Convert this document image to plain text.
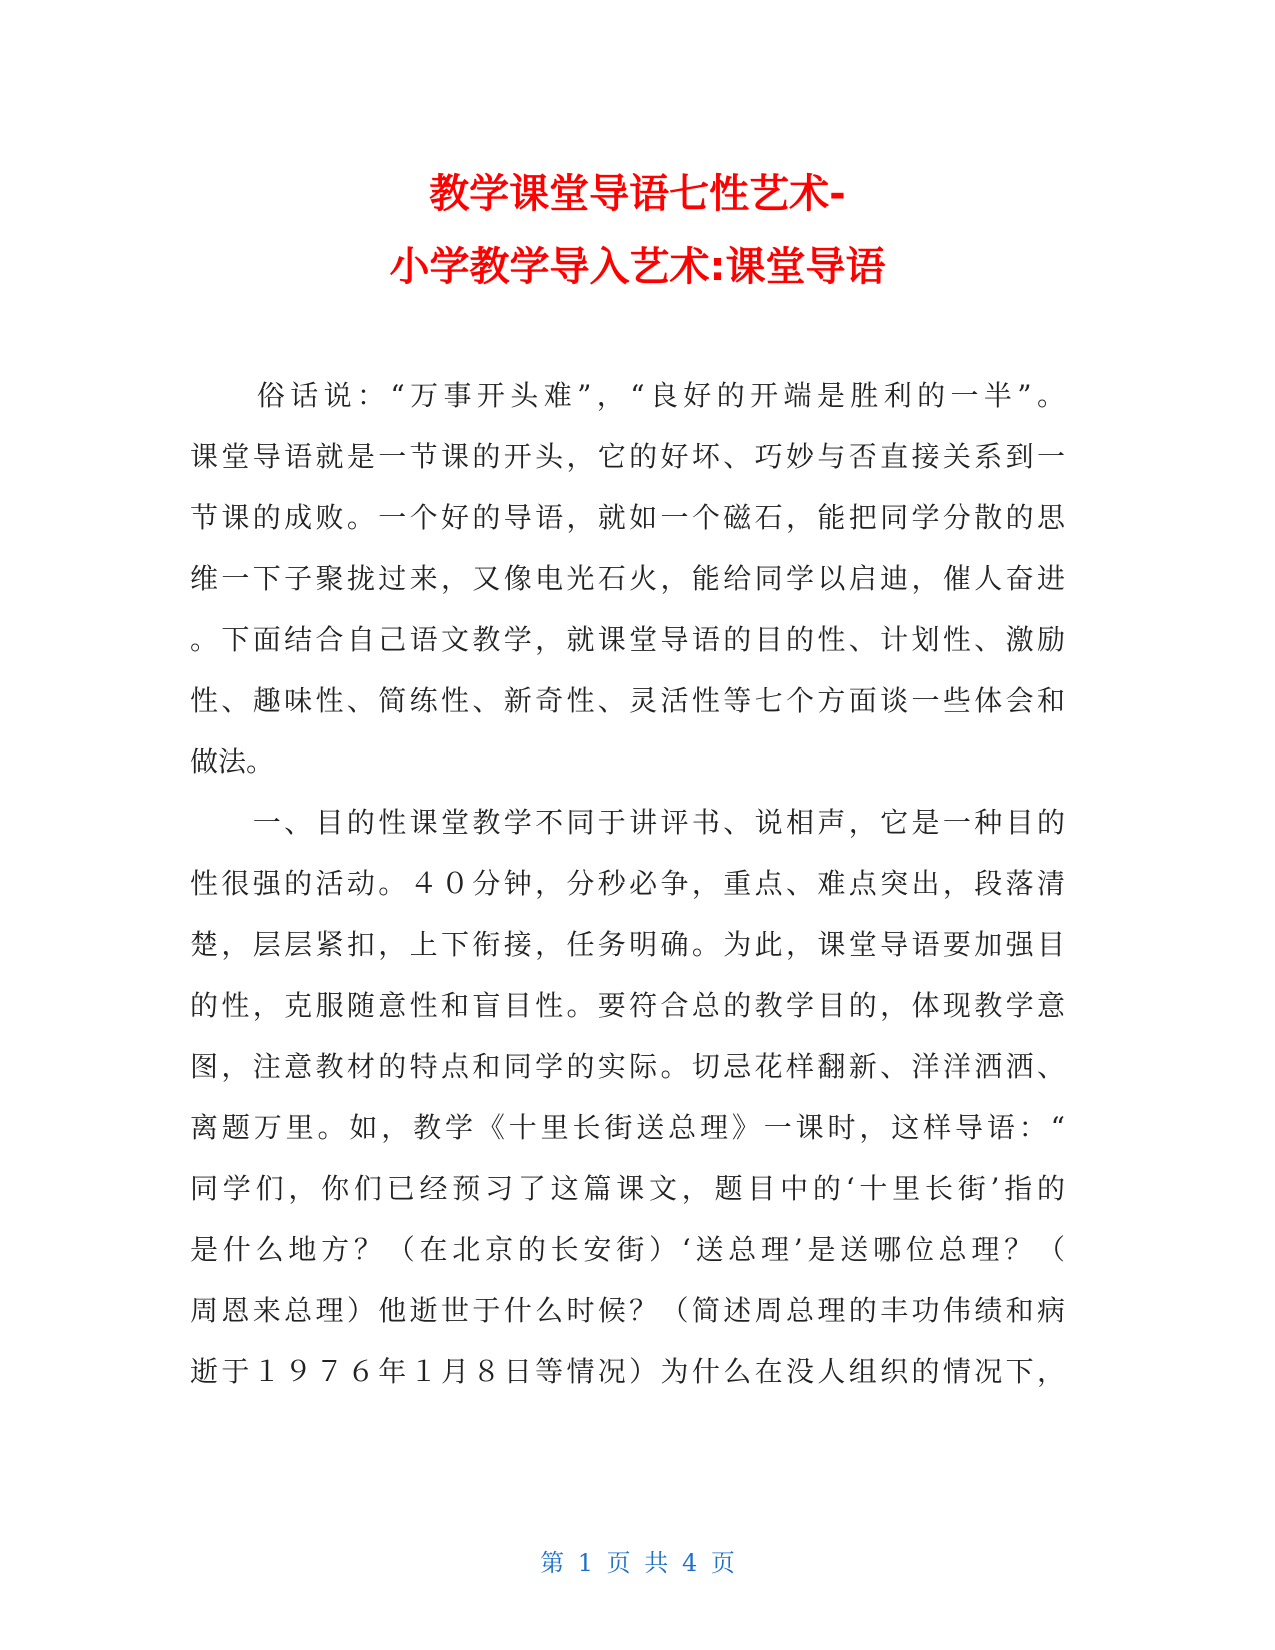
教学课堂导语七性艺术-
小学教学导入艺术:课堂导语
　　俗话说：“万事开头难”，“良好的开端是胜利的一半”。
课堂导语就是一节课的开头，它的好坏、巧妙与否直接关系到一
节课的成败。一个好的导语，就如一个磁石，能把同学分散的思
维一下子聚拢过来，又像电光石火，能给同学以启迪，催人奋进
。下面结合自己语文教学，就课堂导语的目的性、计划性、激励
性、趣味性、简练性、新奇性、灵活性等七个方面谈一些体会和
做法。
　　一、目的性课堂教学不同于讲评书、说相声，它是一种目的
性很强的活动。４０分钟，分秒必争，重点、难点突出，段落清
楚，层层紧扣，上下衔接，任务明确。为此，课堂导语要加强目
的性，克服随意性和盲目性。要符合总的教学目的，体现教学意
图，注意教材的特点和同学的实际。切忌花样翻新、洋洋洒洒、
离题万里。如，教学《十里长街送总理》一课时，这样导语：“
同学们，你们已经预习了这篇课文，题目中的‘十里长街’指的
是什么地方？（在北京的长安街）‘送总理’是送哪位总理？（
周恩来总理）他逝世于什么时候？（简述周总理的丰功伟绩和病
逝于１９７６年１月８日等情况）为什么在没人组织的情况下，
第 1 页 共 4 页
